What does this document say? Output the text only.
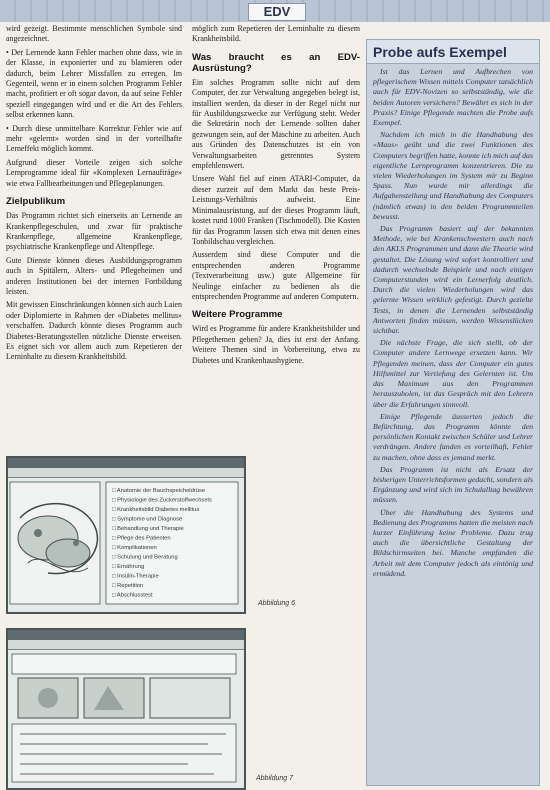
EDV

wird gezeigt. Bestimmte menschlichen Symbole sind angezeichnet.

• Der Lernende kann Fehler machen ohne dass, wie in der Klasse, in exponierter und zu blamieren oder dadurch, beim Lehrer Missfallen zu erregen. Im Gegenteil, wenn er in einem solchen Programm Fehler macht, profitiert er oft sogar davon, da auf seine Fehler speziell eingegangen wird und er die Art des Fehlers selbst erkennen kann.

• Durch diese unmittelbare Korrektur Fehler wie auf mehr «gelernt» worden sind in der vorteilhafte Lerneffekt möglich kommt.

Aufgrund dieser Vorteile zeigen sich solche Lernprogramme ideal für «Komplexen Lernaufträge» wie etwa Fallbearbeitungen und Pflegeplanungen.

Zielpublikum

Das Programm richtet sich einerseits an Lernende an Krankenpflegeschulen, und zwar für praktische Krankenpflege, allgemeine Krankenpflege, psychiatrische Krankenpflege und Altenpflege.

Gute Dienste können dieses Ausbildungsprogramm auch in Spitälern, Alters- und Pflegeheimen und anderen Institutionen bei der internen Fortbildung leisten.

Mit gewissen Einschränkungen können sich auch Laien oder Diplomierte in Rahmen der «Diabetes mellitus» verschaffen. Dadurch könnte dieses Programm auch Diabetes-Beratungsstellen nützliche Dienste erweisen. Es eignet sich vor allem auch zum Repetieren der Lerninhalte zu diesem Krankheitsbild.

möglich zum Repetieren der Lerninhalte zu diesem Krankheitsbild.

Was braucht es an EDV-Ausrüstung?

Ein solches Programm sollte nicht auf dem Computer, der zur Verwaltung angegeben belegt ist, installiert werden, da dieser in der Regel nicht nur für Ausbildungszwecke zur Verfügung steht. Weder die Sekretärin noch der Lernende sollten daher gezwungen sein, auf der Maschine zu arbeiten. Auch aus Gründen des Datenschutzes ist ein von Verwaltungsarbeiten getrenntes System empfehlenswert.

Unsere Wahl fiel auf einen ATARI-Computer, da dieser zurzeit auf dem Markt das beste Preis-Leistungs-Verhältnis aufweist. Eine Minimalausrüstung, auf der dieses Programm läuft, kostet rund 1000 Franken (Tischmodell). Die Kosten für das Programm lassen sich etwa mit denen eines Tonbildschau vergleichen.

Ausserdem sind diese Computer und die entsprechenden anderen Programme (Textverarbeitung usw.) gute Allgemeine für Neulinge einfacher zu bedienen als die entsprechenden Programme auf anderen Computern.

Weitere Programme

Wird es Programme für andere Krankheitsbilder und Pflegethemen geben? Ja, dies ist erst der Anfang. Weitere Themen sind in Vorbereitung, etwa zu Diabetes und Krankenhaushygiene.

Probe aufs Exempel

Ist das Lernen und Aufbrechen von pflegerischem Wissen mittels Computer tatsächlich auch für EDV-Novizen so selbstständig, wie die beiden Autoren versichern? Bewährt es sich in der Praxis? Einige Pflegende machten die Probe aufs Exempel.

Nachdem ich mich in die Handhabung des «Maus» geübt und die zwei Funktionen des Computers begriffen hatte, konnte ich mich auf das eigentliche Lernprogramm konzentrieren. Die zu vielen Wiederholungen im System mir zu Beginn Spass. Nun wurde mir allerdings die Aufgabenstellung und Handhabung des Computers (nämlich etwas) in den beiden Programmteilen bewusst.

Das Programm basiert auf der bekannten Methode, wie bei Krankenschwestern auch nach den AKLS Programmen und dann die Theorie wird gestaltet. Die Lösung wird sofort kontrolliert und dadurch wechselnde Beispiele und nach einigen Computerstunden wird ein Lernerfolg deutlich. Durch die vielen Wiederholungen wird das gelernte Wissen wirklich gefestigt. Durch gezielte Tests, in denen die Lernenden selbstständig Antworten finden müssen, werden Wissenslücken sichtbar.

Die nächste Frage, die sich stellt, ob der Computer andere Lernwege ersetzen kann. Wir Pflegenden meinen, dass der Computer ein gutes Hilfsmittel zur Vertiefung des Gelernten ist. Um das Maximum aus den Programmen herauszuholen, ist das Gespräch mit den Lehrern über die Erfahrungen sinnvoll.

Einige Pflegende äusserten jedoch die Befürchtung, das Programm könnte den persönlichen Kontakt zwischen Schüler und Lehrer verdrängen. Andere fanden es vorteilhaft, Fehler zu machen, ohne dass es jemand merkt.

Das Programm ist nicht als Ersatz der bisherigen Unterrichtsformen gedacht, sondern als Ergänzung und wird sich im Schulalltag bewähren müssen.

Über die Handhabung des Systems und Bedienung des Programms hatten die meisten nach kurzer Einführung keine Probleme. Dazu trug auch die übersichtliche Gestaltung der Bildschirmseiten bei. Manche empfanden die Arbeit mit dem Computer jedoch als eintönig und ermüdend.

□ Anatomie der Bauchspeicheldrüse
□ Physiologie des Zuckerstoffwechsels
□ Krankheitsbild Diabetes mellitus
□ Symptome und Diagnose
□ Behandlung und Therapie
□ Pflege des Patienten
□ Komplikationen
□ Schulung und Beratung
□ Ernährung
□ Insulin-Therapie
□ Repetition
□ Abschlusstest
Abbildung 6
Abbildung 7
